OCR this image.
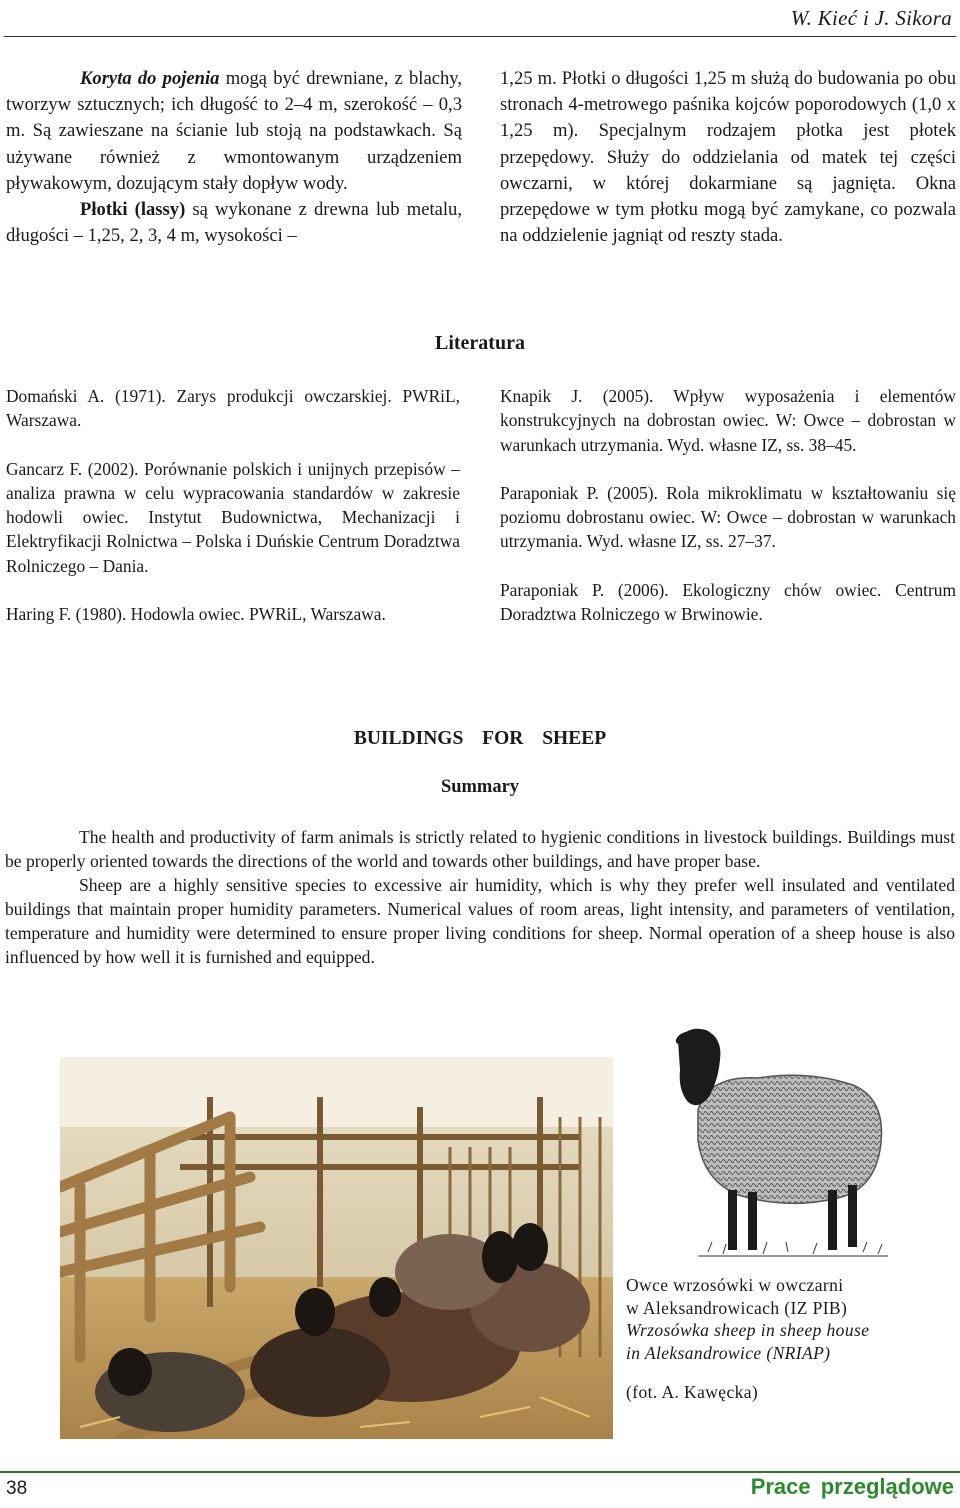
W. Kieć i J. Sikora

Koryta do pojenia mogą być drewniane, z blachy, tworzyw sztucznych; ich długość to 2–4 m, szerokość – 0,3 m. Są zawieszane na ścianie lub stoją na podstawkach. Są używane również z wmontowanym urządzeniem pływakowym, dozującym stały dopływ wody.

Płotki (lassy) są wykonane z drewna lub metalu, długości – 1,25, 2, 3, 4 m, wysokości –

1,25 m. Płotki o długości 1,25 m służą do budowania po obu stronach 4-metrowego paśnika kojców poporodowych (1,0 x 1,25 m). Specjalnym rodzajem płotka jest płotek przepędowy. Służy do oddzielania od matek tej części owczarni, w której dokarmiane są jagnięta. Okna przepędowe w tym płotku mogą być zamykane, co pozwala na oddzielenie jagniąt od reszty stada.

Literatura

Domański A. (1971). Zarys produkcji owczarskiej. PWRiL, Warszawa.

Gancarz F. (2002). Porównanie polskich i unijnych przepisów – analiza prawna w celu wypracowania standardów w zakresie hodowli owiec. Instytut Budownictwa, Mechanizacji i Elektryfikacji Rolnictwa – Polska i Duńskie Centrum Doradztwa Rolniczego – Dania.

Haring F. (1980). Hodowla owiec. PWRiL, Warszawa.

Knapik J. (2005). Wpływ wyposażenia i elementów konstrukcyjnych na dobrostan owiec. W: Owce – dobrostan w warunkach utrzymania. Wyd. własne IZ, ss. 38–45.

Paraponiak P. (2005). Rola mikroklimatu w kształtowaniu się poziomu dobrostanu owiec. W: Owce – dobrostan w warunkach utrzymania. Wyd. własne IZ, ss. 27–37.

Paraponiak P. (2006). Ekologiczny chów owiec. Centrum Doradztwa Rolniczego w Brwinowie.

BUILDINGS FOR SHEEP
Summary

The health and productivity of farm animals is strictly related to hygienic conditions in livestock buildings. Buildings must be properly oriented towards the directions of the world and towards other buildings, and have proper base.

Sheep are a highly sensitive species to excessive air humidity, which is why they prefer well insulated and ventilated buildings that maintain proper humidity parameters. Numerical values of room areas, light intensity, and parameters of ventilation, temperature and humidity were determined to ensure proper living conditions for sheep. Normal operation of a sheep house is also influenced by how well it is furnished and equipped.

Owce wrzosówki w owczarni
w Aleksandrowicach (IZ PIB)
Wrzosówka sheep in sheep house
in Aleksandrowice (NRIAP)
(fot. A. Kawęcka)
38	Prace przeglądowe
